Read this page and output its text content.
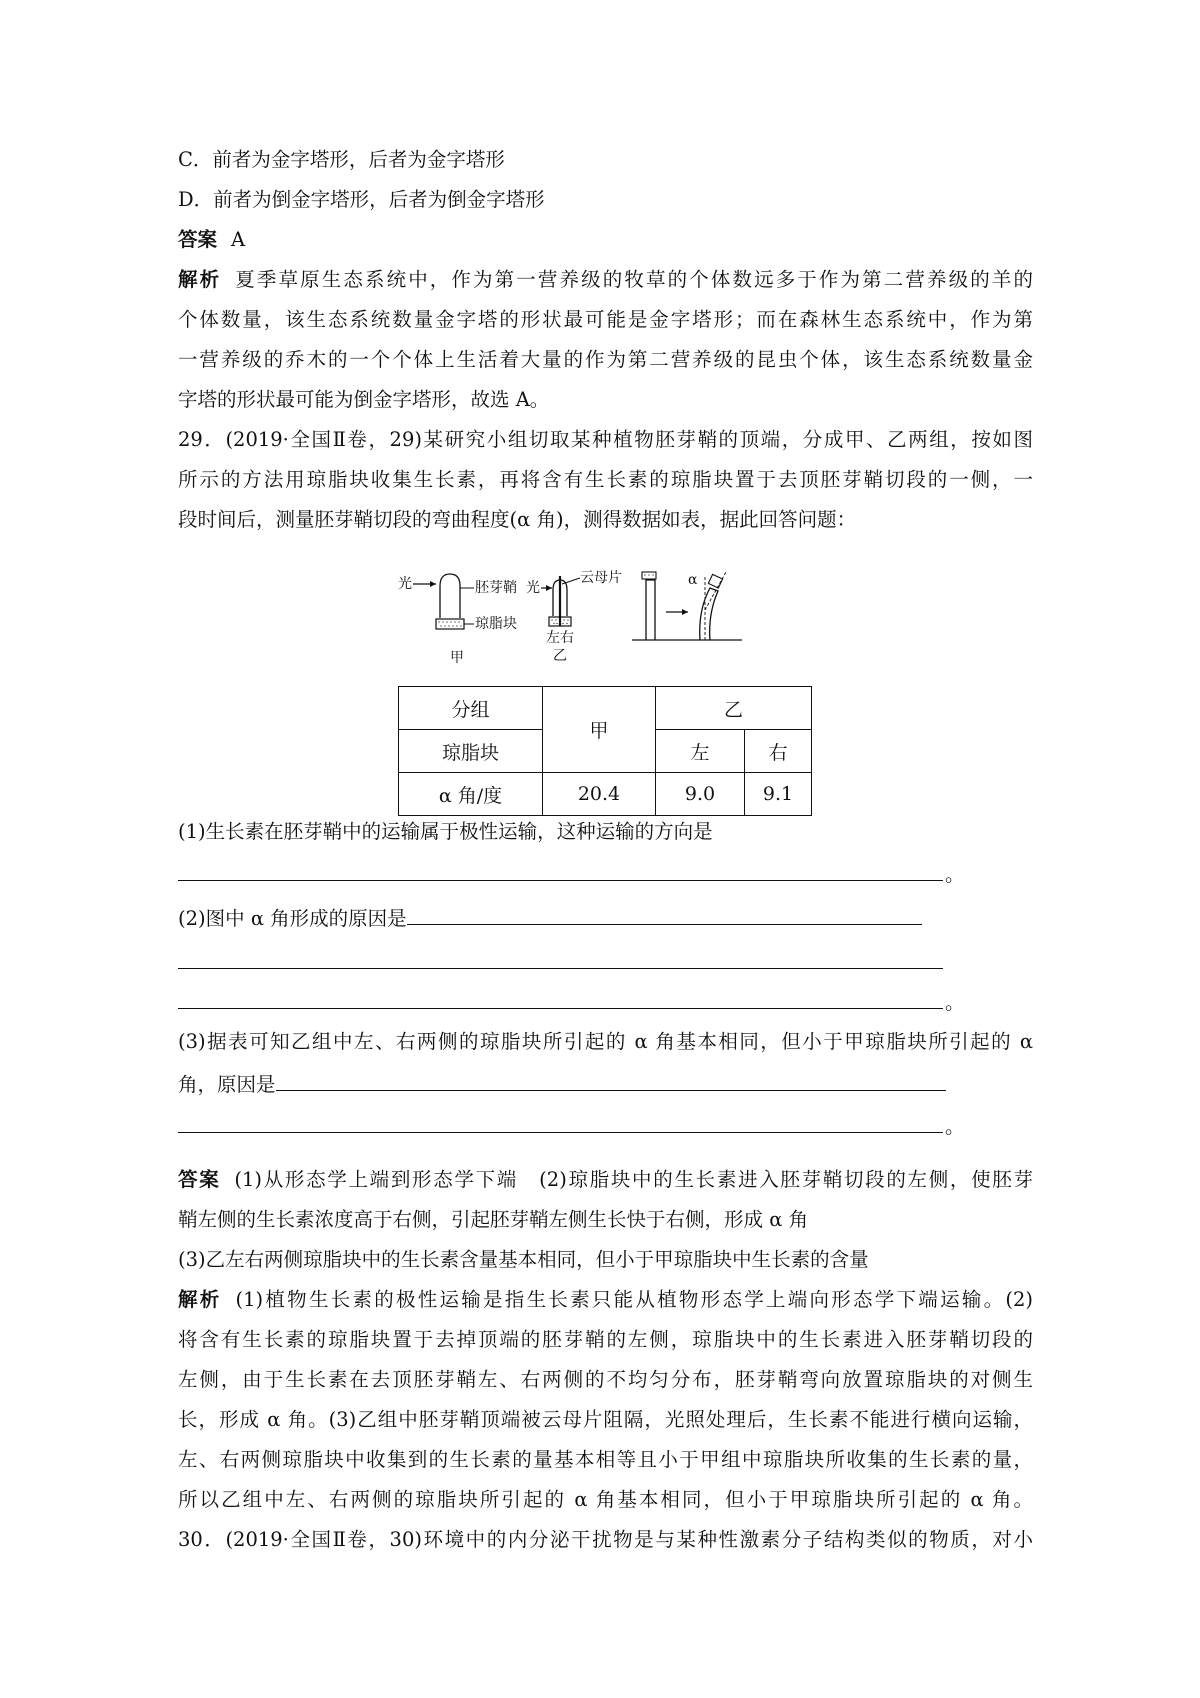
C．前者为金字塔形，后者为金字塔形
D．前者为倒金字塔形，后者为倒金字塔形
答案 A
解析 夏季草原生态系统中，作为第一营养级的牧草的个体数远多于作为第二营养级的羊的
个体数量，该生态系统数量金字塔的形状最可能是金字塔形；而在森林生态系统中，作为第
一营养级的乔木的一个个体上生活着大量的作为第二营养级的昆虫个体，该生态系统数量金
字塔的形状最可能为倒金字塔形，故选 A。
29．(2019·全国Ⅱ卷，29)某研究小组切取某种植物胚芽鞘的顶端，分成甲、乙两组，按如图
所示的方法用琼脂块收集生长素，再将含有生长素的琼脂块置于去顶胚芽鞘切段的一侧，一
段时间后，测量胚芽鞘切段的弯曲程度(α 角)，测得数据如表，据此回答问题：
光	胚芽鞘
琼脂块
甲
光
云母片
左右
乙
α
分组	甲	乙	
琼脂块		左	右
α 角/度	20.4	9.0	9.1
(1)生长素在胚芽鞘中的运输属于极性运输，这种运输的方向是
。
(2)图中 α 角形成的原因是
。
(3)据表可知乙组中左、右两侧的琼脂块所引起的 α 角基本相同，但小于甲琼脂块所引起的 α
角，原因是
。
答案 (1)从形态学上端到形态学下端　(2)琼脂块中的生长素进入胚芽鞘切段的左侧，使胚芽
鞘左侧的生长素浓度高于右侧，引起胚芽鞘左侧生长快于右侧，形成 α 角
(3)乙左右两侧琼脂块中的生长素含量基本相同，但小于甲琼脂块中生长素的含量
解析 (1)植物生长素的极性运输是指生长素只能从植物形态学上端向形态学下端运输。(2)
将含有生长素的琼脂块置于去掉顶端的胚芽鞘的左侧，琼脂块中的生长素进入胚芽鞘切段的
左侧，由于生长素在去顶胚芽鞘左、右两侧的不均匀分布，胚芽鞘弯向放置琼脂块的对侧生
长，形成 α 角。(3)乙组中胚芽鞘顶端被云母片阻隔，光照处理后，生长素不能进行横向运输，
左、右两侧琼脂块中收集到的生长素的量基本相等且小于甲组中琼脂块所收集的生长素的量，
所以乙组中左、右两侧的琼脂块所引起的 α 角基本相同，但小于甲琼脂块所引起的 α 角。
30．(2019·全国Ⅱ卷，30)环境中的内分泌干扰物是与某种性激素分子结构类似的物质，对小
